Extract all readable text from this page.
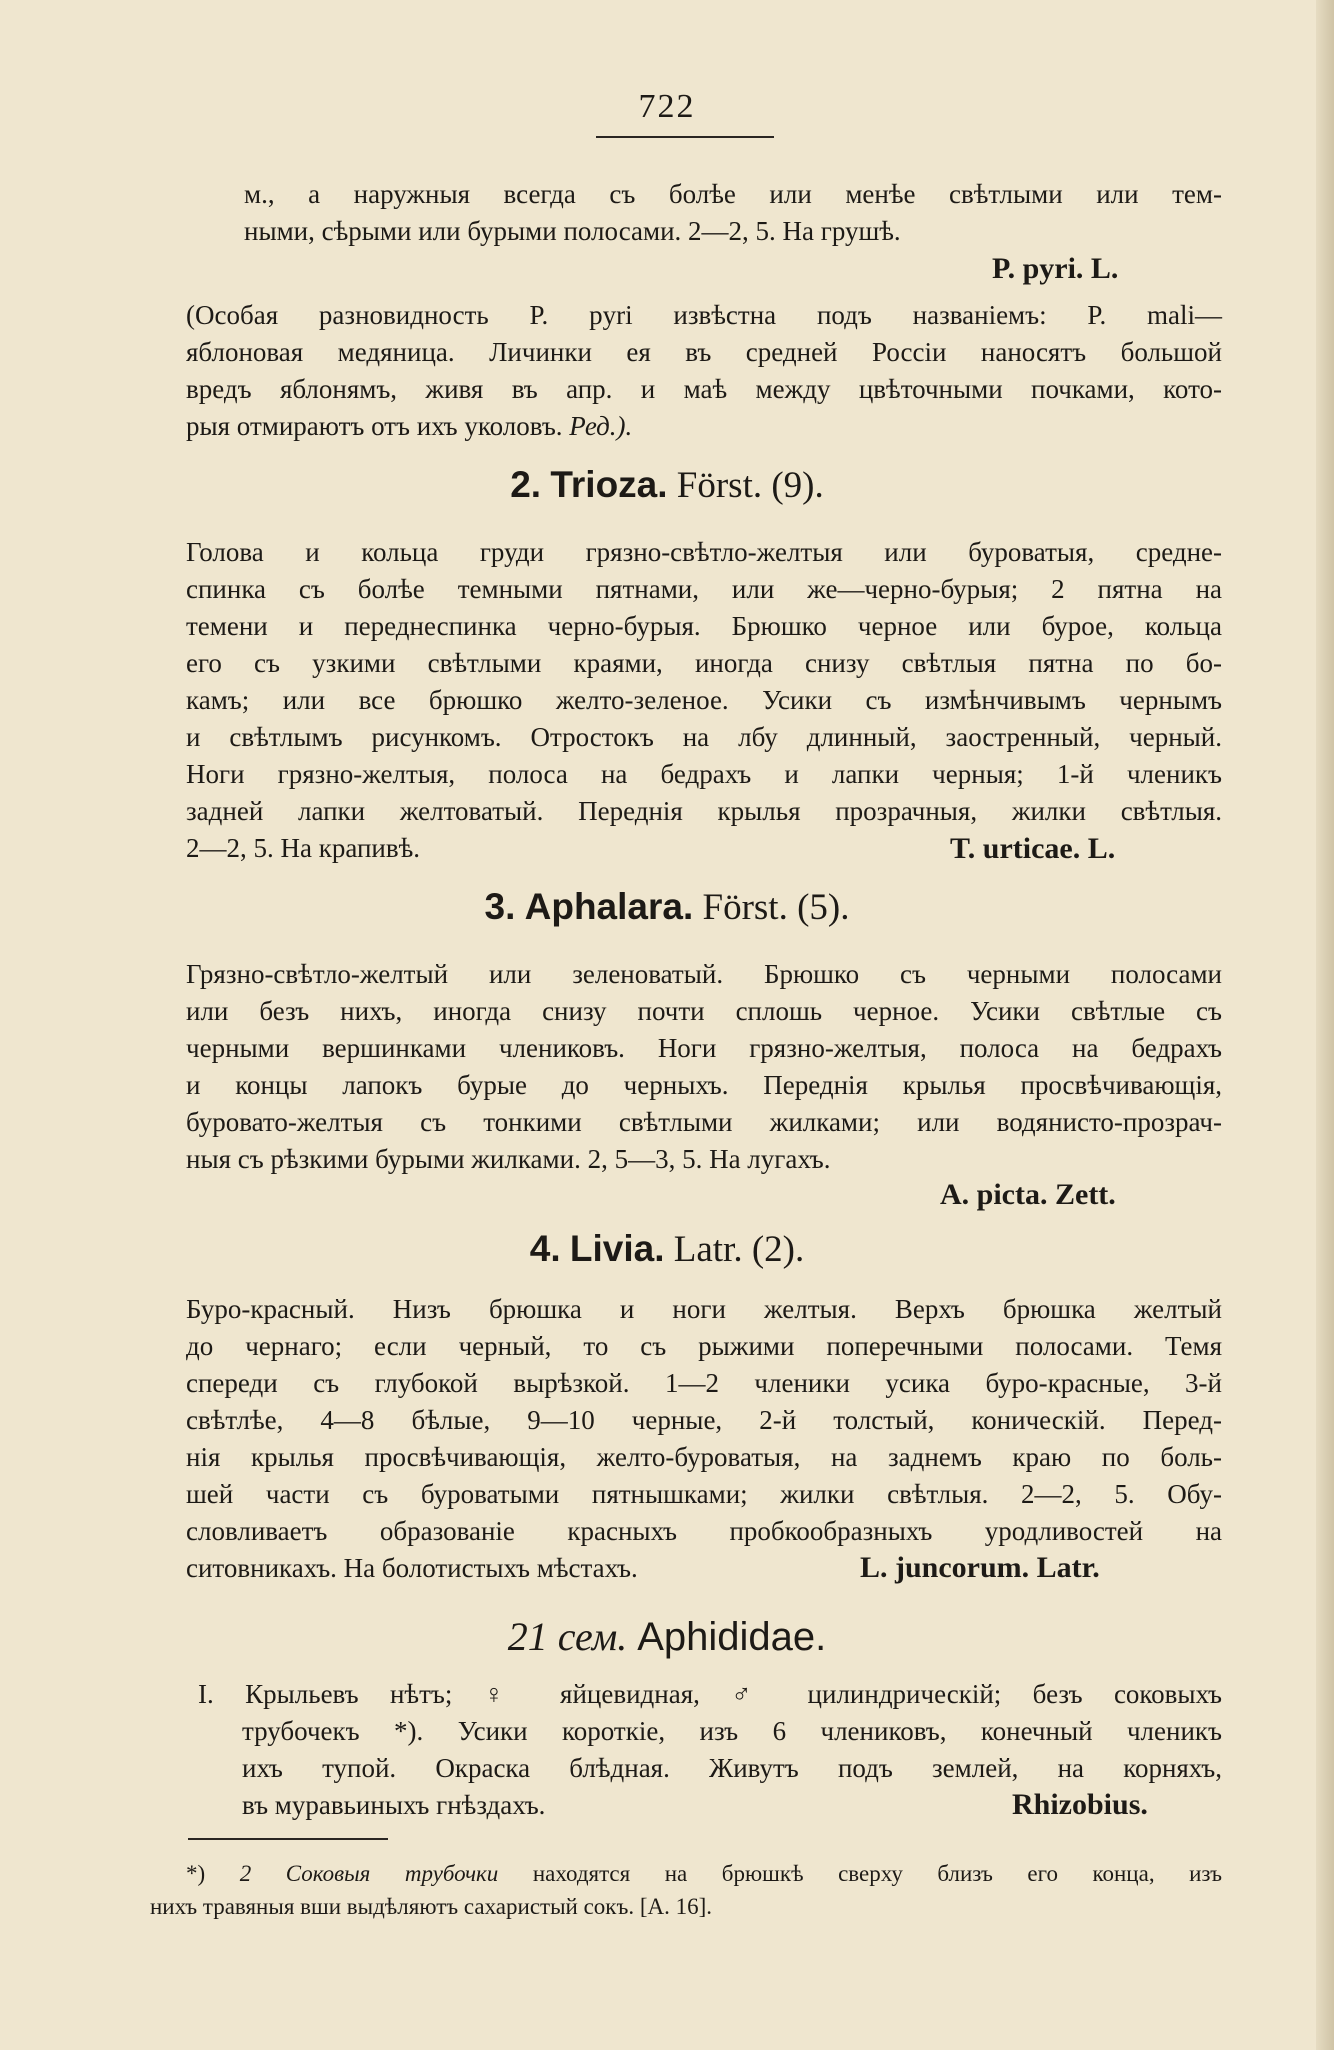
722

м., а наружныя всегда съ болѣе или менѣе свѣтлыми или тем-
ными, сѣрыми или бурыми полосами. 2—2, 5. На грушѣ.

P. pyri. L.

(Особая разновидность P. pyri извѣстна подъ названіемъ: P. mali—
яблоновая медяница. Личинки ея въ средней Россіи наносятъ большой
вредъ яблонямъ, живя въ апр. и маѣ между цвѣточными почками, кото-
рыя отмираютъ отъ ихъ уколовъ. Ред.).

2. Trioza. Först. (9).

Голова и кольца груди грязно-свѣтло-желтыя или буроватыя, средне-
спинка съ болѣе темными пятнами, или же—черно-бурыя; 2 пятна на
темени и переднеспинка черно-бурыя. Брюшко черное или бурое, кольца
его съ узкими свѣтлыми краями, иногда снизу свѣтлыя пятна по бо-
камъ; или все брюшко желто-зеленое. Усики съ измѣнчивымъ чернымъ
и свѣтлымъ рисункомъ. Отростокъ на лбу длинный, заостренный, черный.
Ноги грязно-желтыя, полоса на бедрахъ и лапки черныя; 1-й членикъ
задней лапки желтоватый. Переднія крылья прозрачныя, жилки свѣтлыя.
2—2, 5. На крапивѣ.	T. urticae. L.
3. Aphalara. Först. (5).

Грязно-свѣтло-желтый или зеленоватый. Брюшко съ черными полосами
или безъ нихъ, иногда снизу почти сплошь черное. Усики свѣтлые съ
черными вершинками члениковъ. Ноги грязно-желтыя, полоса на бедрахъ
и концы лапокъ бурые до черныхъ. Переднія крылья просвѣчивающія,
буровато-желтыя съ тонкими свѣтлыми жилками; или водянисто-прозрач-
ныя съ рѣзкими бурыми жилками. 2, 5—3, 5. На лугахъ.

A. picta. Zett.
4. Livia. Latr. (2).

Буро-красный. Низъ брюшка и ноги желтыя. Верхъ брюшка желтый
до чернаго; если черный, то съ рыжими поперечными полосами. Темя
спереди съ глубокой вырѣзкой. 1—2 членики усика буро-красные, 3-й
свѣтлѣе, 4—8 бѣлые, 9—10 черные, 2-й толстый, коническій. Перед-
нія крылья просвѣчивающія, желто-буроватыя, на заднемъ краю по боль-
шей части съ буроватыми пятнышками; жилки свѣтлыя. 2—2, 5. Обу-
словливаетъ образованіе красныхъ пробкообразныхъ уродливостей на
ситовникахъ. На болотистыхъ мѣстахъ.	L. juncorum. Latr.
21 сем. Aphididae.

I. Крыльевъ нѣтъ; ♀ яйцевидная, ♂ цилиндрическій; безъ соковыхъ
трубочекъ *). Усики короткіе, изъ 6 члениковъ, конечный членикъ
ихъ тупой. Окраска блѣдная. Живутъ подъ землей, на корняхъ,
въ муравьиныхъ гнѣздахъ.	Rhizobius.

*) 2 Соковыя трубочки находятся на брюшкѣ сверху близъ его конца, изъ
нихъ травяныя вши выдѣляютъ сахаристый сокъ. [A. 16].
